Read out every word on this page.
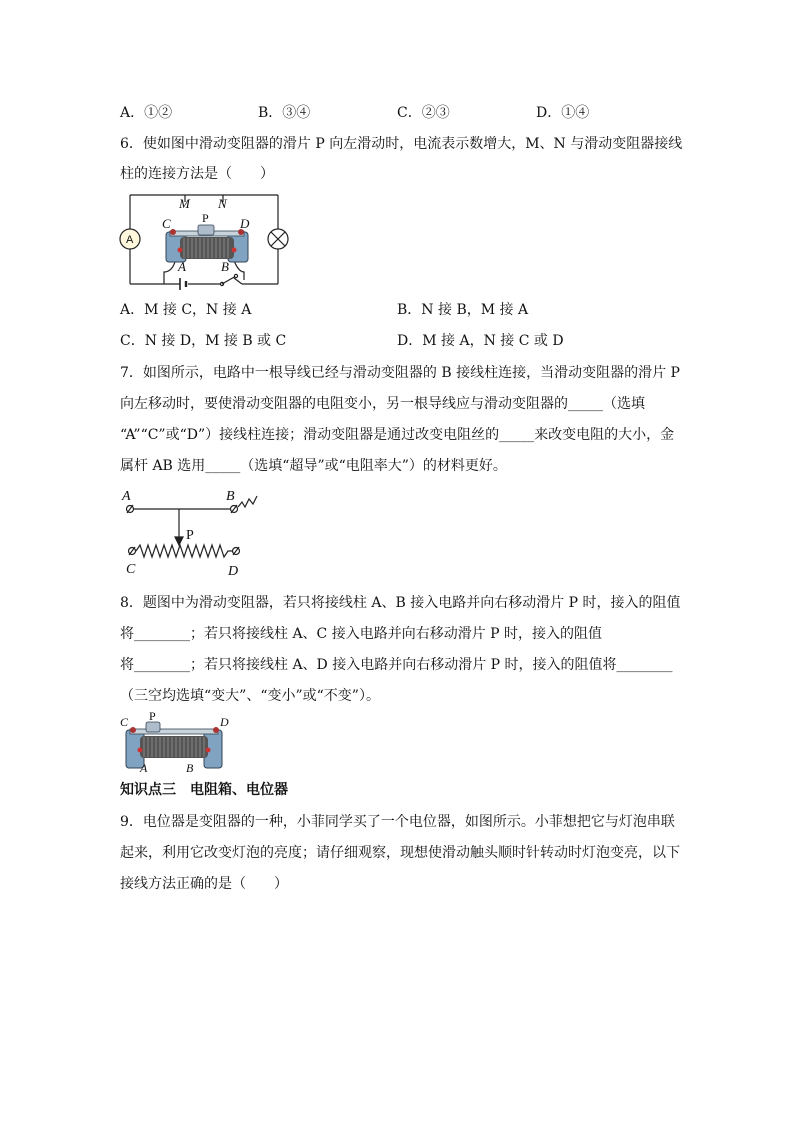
A．①②	B．③④	C．②③	D．①④
6．使如图中滑动变阻器的滑片 P 向左滑动时，电流表示数增大，M、N 与滑动变阻器接线
柱的连接方法是（　　）
M N
C	D
A	B
P
A
A．M 接 C，N 接 A	B．N 接 B，M 接 A
C．N 接 D，M 接 B 或 C	D．M 接 A，N 接 C 或 D
7．如图所示，电路中一根导线已经与滑动变阻器的 B 接线柱连接，当滑动变阻器的滑片 P
向左移动时，要使滑动变阻器的电阻变小，另一根导线应与滑动变阻器的_____（选填
“A”“C”或“D”）接线柱连接；滑动变阻器是通过改变电阻丝的_____来改变电阻的大小，金
属杆 AB 选用_____（选填“超导”或“电阻率大”）的材料更好。
A	B
C	D
P
8．题图中为滑动变阻器，若只将接线柱 A、B 接入电路并向右移动滑片 P 时，接入的阻值
将________；若只将接线柱 A、C 接入电路并向右移动滑片 P 时，接入的阻值
将________；若只将接线柱 A、D 接入电路并向右移动滑片 P 时，接入的阻值将________
（三空均选填“变大”、“变小”或“不变”）。
C	D
A	B
P
知识点三　电阻箱、电位器
9．电位器是变阻器的一种，小菲同学买了一个电位器，如图所示。小菲想把它与灯泡串联
起来，利用它改变灯泡的亮度；请仔细观察，现想使滑动触头顺时针转动时灯泡变亮，以下
接线方法正确的是（　　）
